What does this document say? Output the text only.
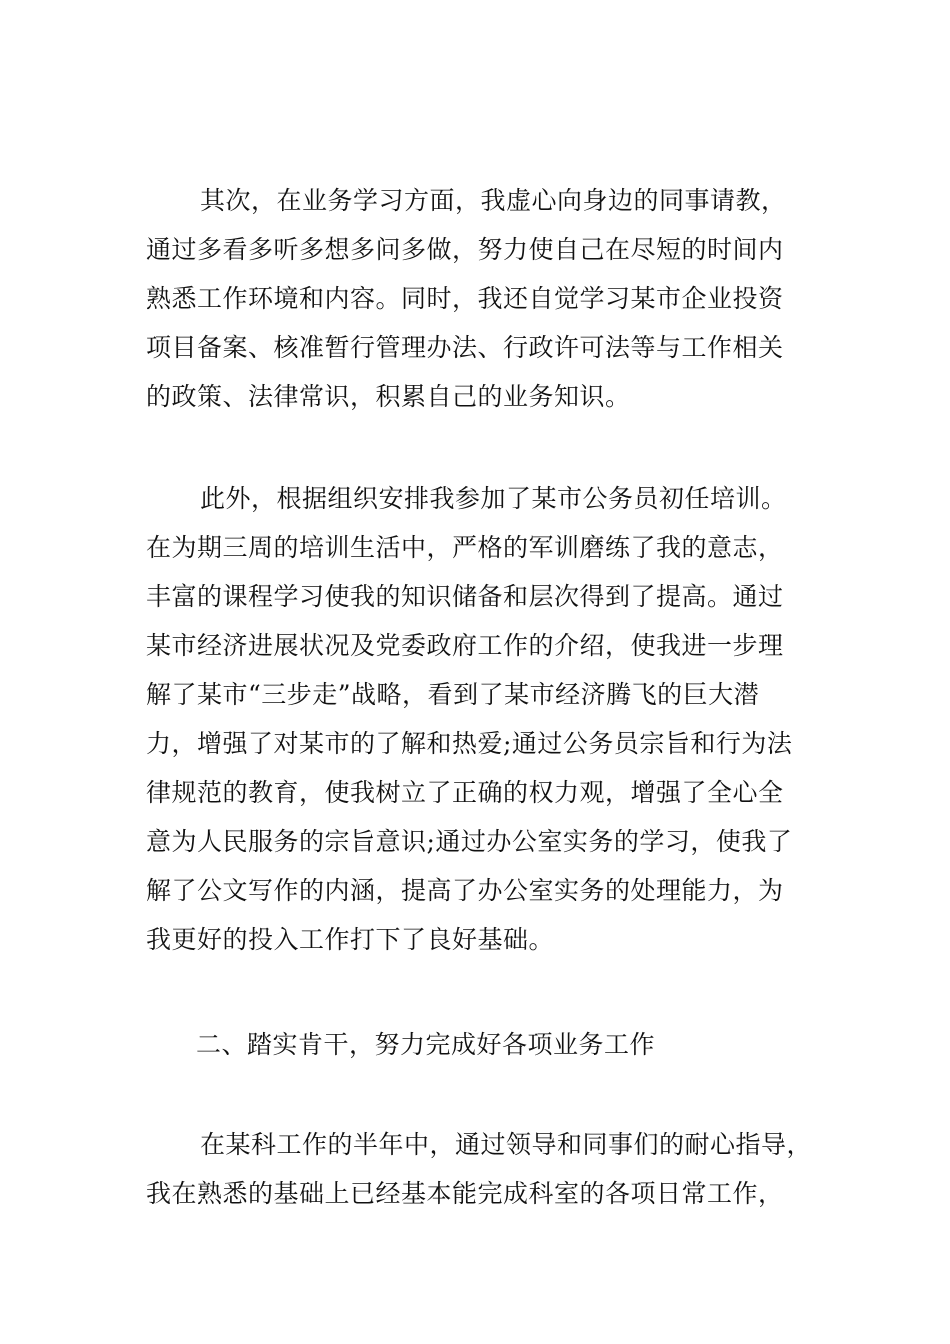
其次，在业务学习方面，我虚心向身边的同事请教，

通过多看多听多想多问多做，努力使自己在尽短的时间内

熟悉工作环境和内容。同时，我还自觉学习某市企业投资

项目备案、核准暂行管理办法、行政许可法等与工作相关

的政策、法律常识，积累自己的业务知识。

此外，根据组织安排我参加了某市公务员初任培训。

在为期三周的培训生活中，严格的军训磨练了我的意志，

丰富的课程学习使我的知识储备和层次得到了提高。通过

某市经济进展状况及党委政府工作的介绍，使我进一步理

解了某市“三步走”战略，看到了某市经济腾飞的巨大潜

力，增强了对某市的了解和热爱;通过公务员宗旨和行为法

律规范的教育，使我树立了正确的权力观，增强了全心全

意为人民服务的宗旨意识;通过办公室实务的学习，使我了

解了公文写作的内涵，提高了办公室实务的处理能力，为

我更好的投入工作打下了良好基础。

二、踏实肯干，努力完成好各项业务工作

在某科工作的半年中，通过领导和同事们的耐心指导，

我在熟悉的基础上已经基本能完成科室的各项日常工作，
